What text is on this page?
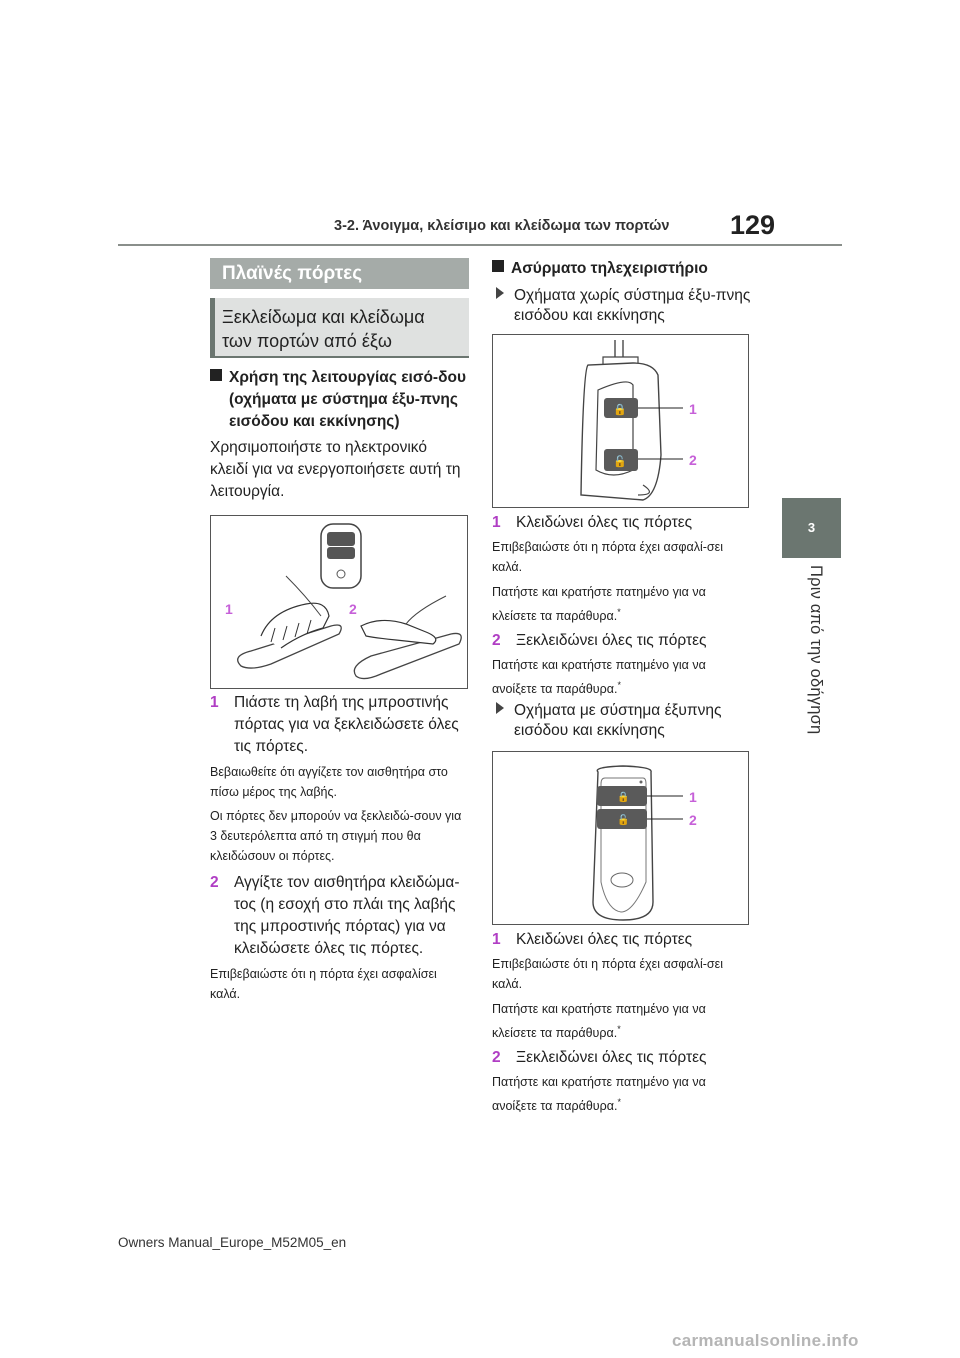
129
3-2. Άνοιγμα, κλείσιμο και κλείδωμα των πορτών
3
Πριν από την οδήγηση
Πλαϊνές πόρτες
Ξεκλείδωμα και κλείδωμα
των πορτών από έξω
Χρήση της λειτουργίας εισό-δου (οχήματα με σύστημα έξυ-πνης εισόδου και εκκίνησης)
Χρησιμοποιήστε το ηλεκτρονικό κλειδί για να ενεργοποιήσετε αυτή τη λειτουργία.
1	2
1 Πιάστε τη λαβή της μπροστινής πόρτας για να ξεκλειδώσετε όλες τις πόρτες.
Βεβαιωθείτε ότι αγγίζετε τον αισθητήρα στο πίσω μέρος της λαβής.
Οι πόρτες δεν μπορούν να ξεκλειδώ-σουν για 3 δευτερόλεπτα από τη στιγμή που θα κλειδώσουν οι πόρτες.
2 Αγγίξτε τον αισθητήρα κλειδώμα-τος (η εσοχή στο πλάι της λαβής της μπροστινής πόρτας) για να κλειδώσετε όλες τις πόρτες.
Επιβεβαιώστε ότι η πόρτα έχει ασφαλίσει καλά.
Ασύρματο τηλεχειριστήριο
Οχήματα χωρίς σύστημα έξυ-πνης εισόδου και εκκίνησης
🔒
🔓
1
2
1 Κλειδώνει όλες τις πόρτες
Επιβεβαιώστε ότι η πόρτα έχει ασφαλί-σει καλά.
Πατήστε και κρατήστε πατημένο για να κλείσετε τα παράθυρα.*
2 Ξεκλειδώνει όλες τις πόρτες
Πατήστε και κρατήστε πατημένο για να ανοίξετε τα παράθυρα.*
Οχήματα με σύστημα έξυπνης εισόδου και εκκίνησης
🔒
🔓
1
2
1 Κλειδώνει όλες τις πόρτες
Επιβεβαιώστε ότι η πόρτα έχει ασφαλί-σει καλά.
Πατήστε και κρατήστε πατημένο για να κλείσετε τα παράθυρα.*
2 Ξεκλειδώνει όλες τις πόρτες
Πατήστε και κρατήστε πατημένο για να ανοίξετε τα παράθυρα.*
Owners Manual_Europe_M52M05_en
carmanualsonline.info
